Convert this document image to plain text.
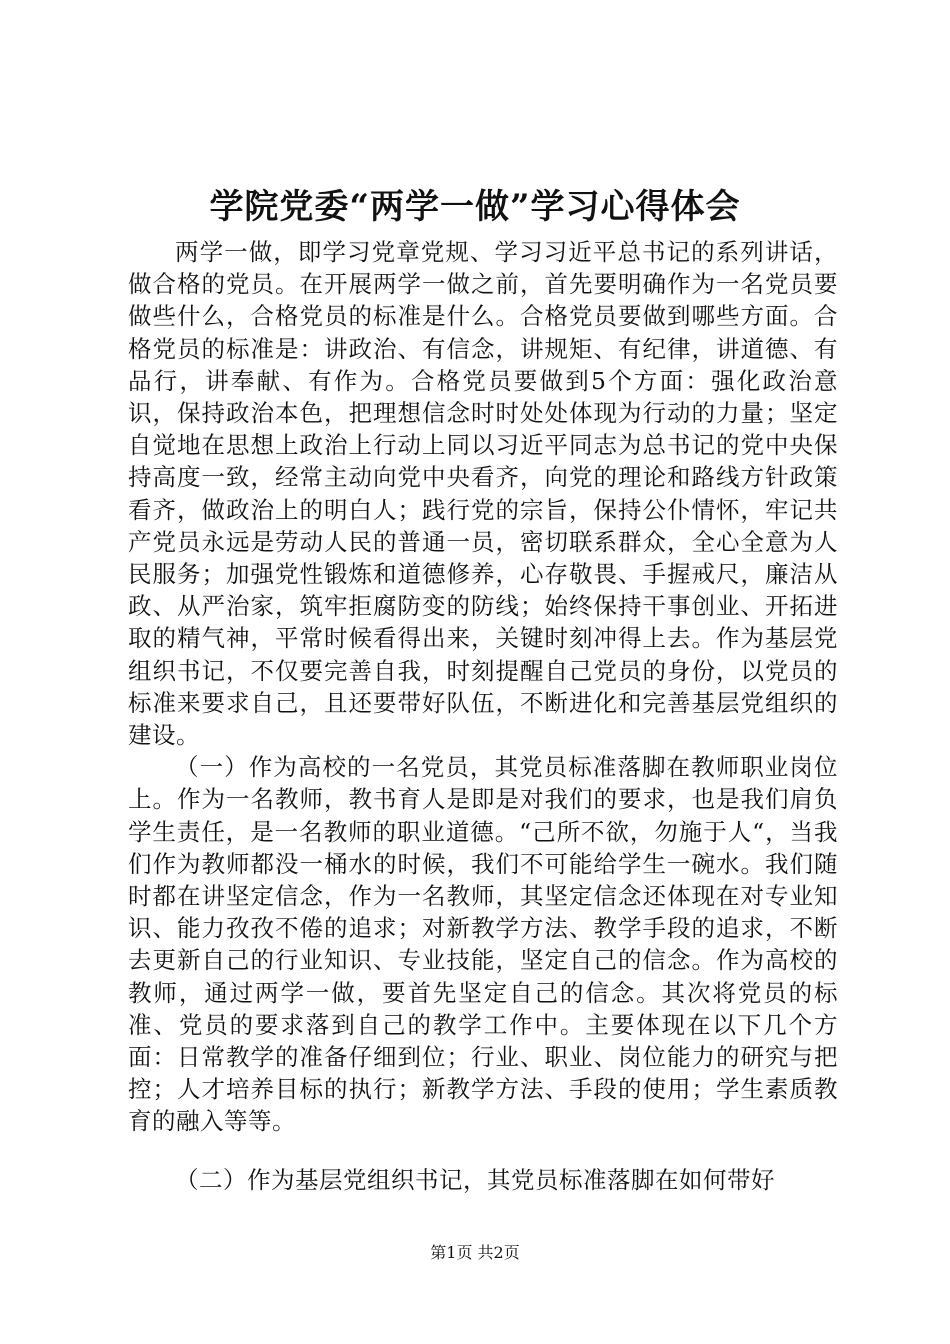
学院党委“两学一做”学习心得体会

两学一做，即学习党章党规、学习习近平总书记的系列讲话，做合格的党员。在开展两学一做之前，首先要明确作为一名党员要做些什么，合格党员的标准是什么。合格党员要做到哪些方面。合格党员的标准是：讲政治、有信念，讲规矩、有纪律，讲道德、有品行，讲奉献、有作为。合格党员要做到5个方面：强化政治意识，保持政治本色，把理想信念时时处处体现为行动的力量；坚定自觉地在思想上政治上行动上同以习近平同志为总书记的党中央保持高度一致，经常主动向党中央看齐，向党的理论和路线方针政策看齐，做政治上的明白人；践行党的宗旨，保持公仆情怀，牢记共产党员永远是劳动人民的普通一员，密切联系群众，全心全意为人民服务；加强党性锻炼和道德修养，心存敬畏、手握戒尺，廉洁从政、从严治家，筑牢拒腐防变的防线；始终保持干事创业、开拓进取的精气神，平常时候看得出来，关键时刻冲得上去。作为基层党组织书记，不仅要完善自我，时刻提醒自己党员的身份，以党员的标准来要求自己，且还要带好队伍，不断进化和完善基层党组织的建设。

（一）作为高校的一名党员，其党员标准落脚在教师职业岗位上。作为一名教师，教书育人是即是对我们的要求，也是我们肩负学生责任，是一名教师的职业道德。“己所不欲，勿施于人“，当我们作为教师都没一桶水的时候，我们不可能给学生一碗水。我们随时都在讲坚定信念，作为一名教师，其坚定信念还体现在对专业知识、能力孜孜不倦的追求；对新教学方法、教学手段的追求，不断去更新自己的行业知识、专业技能，坚定自己的信念。作为高校的教师，通过两学一做，要首先坚定自己的信念。其次将党员的标准、党员的要求落到自己的教学工作中。主要体现在以下几个方面：日常教学的准备仔细到位；行业、职业、岗位能力的研究与把控；人才培养目标的执行；新教学方法、手段的使用；学生素质教育的融入等等。

（二）作为基层党组织书记，其党员标准落脚在如何带好

第1页 共2页
